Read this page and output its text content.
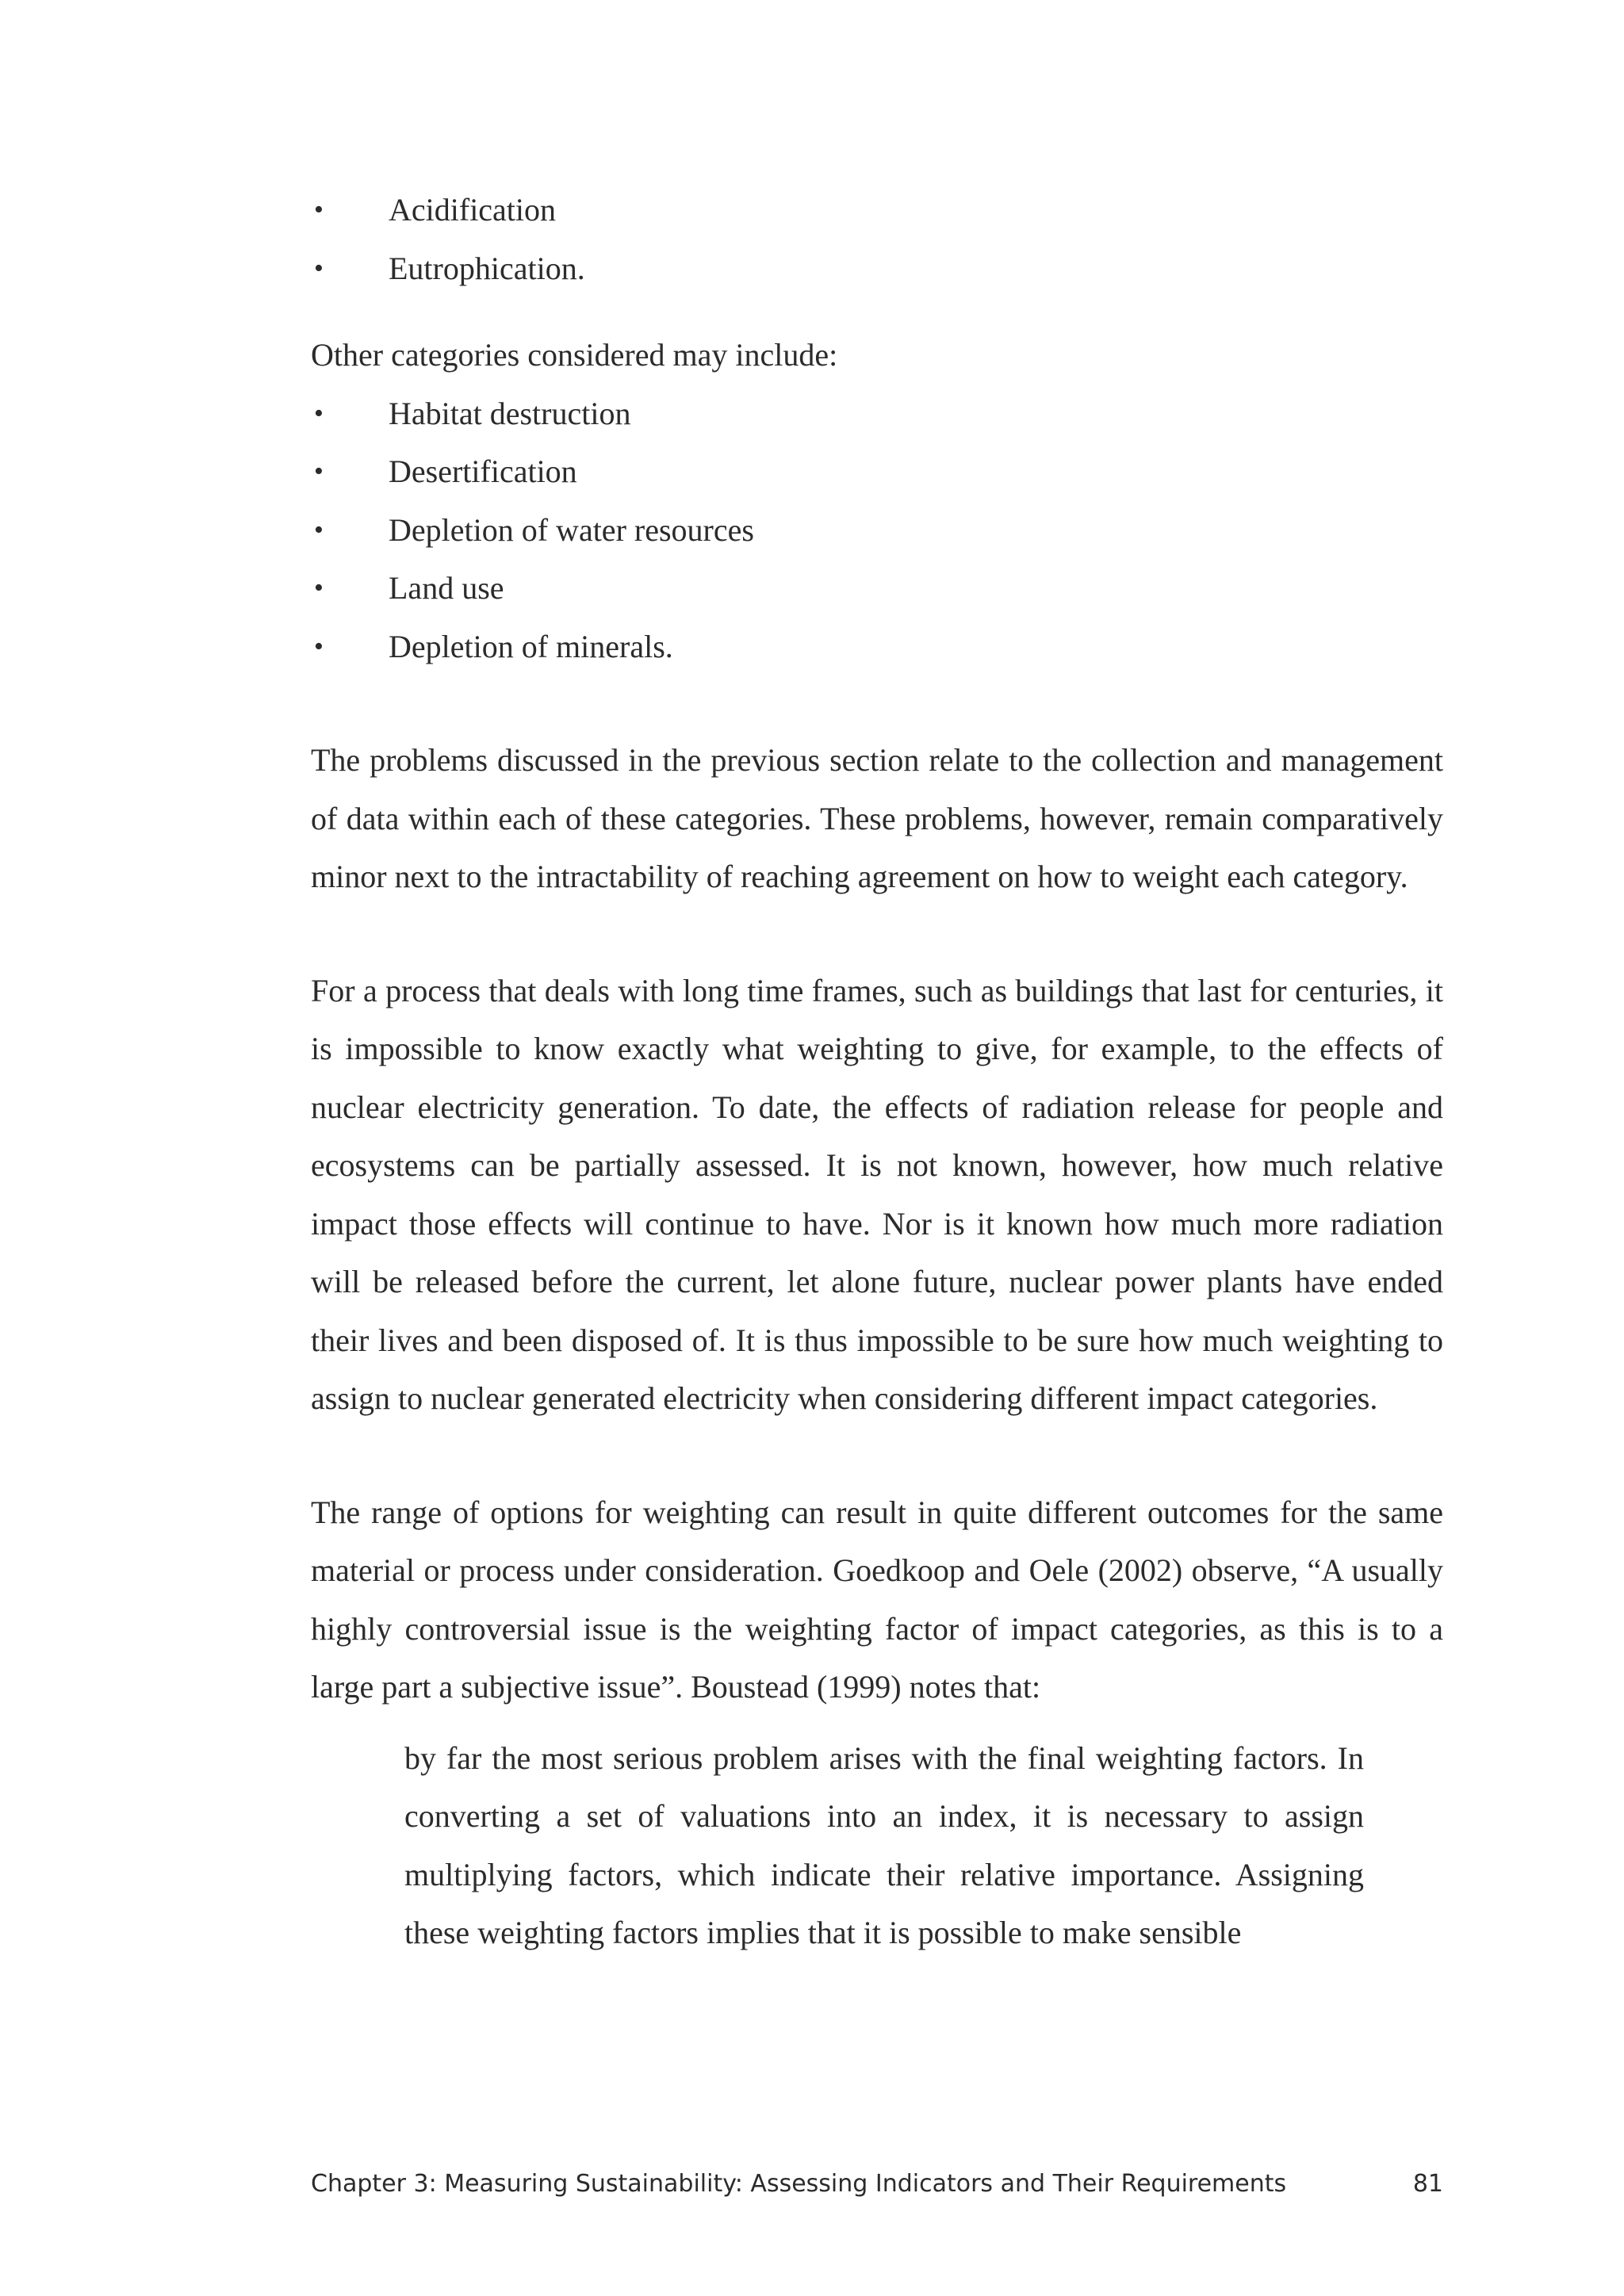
• Acidification
• Eutrophication.
Other categories considered may include:
• Habitat destruction
• Desertification
• Depletion of water resources
• Land use
• Depletion of minerals.

The problems discussed in the previous section relate to the collection and management of data within each of these categories. These problems, however, remain comparatively minor next to the intractability of reaching agreement on how to weight each category.

For a process that deals with long time frames, such as buildings that last for centuries, it is impossible to know exactly what weighting to give, for example, to the effects of nuclear electricity generation. To date, the effects of radiation release for people and ecosystems can be partially assessed. It is not known, however, how much relative impact those effects will continue to have. Nor is it known how much more radiation will be released before the current, let alone future, nuclear power plants have ended their lives and been disposed of. It is thus impossible to be sure how much weighting to assign to nuclear generated electricity when considering different impact categories.

The range of options for weighting can result in quite different outcomes for the same material or process under consideration. Goedkoop and Oele (2002) observe, “A usually highly controversial issue is the weighting factor of impact categories, as this is to a large part a subjective issue”. Boustead (1999) notes that:

by far the most serious problem arises with the final weighting factors. In converting a set of valuations into an index, it is necessary to assign multiplying factors, which indicate their relative importance. Assigning these weighting factors implies that it is possible to make sensible

Chapter 3: Measuring Sustainability: Assessing Indicators and Their Requirements	81
